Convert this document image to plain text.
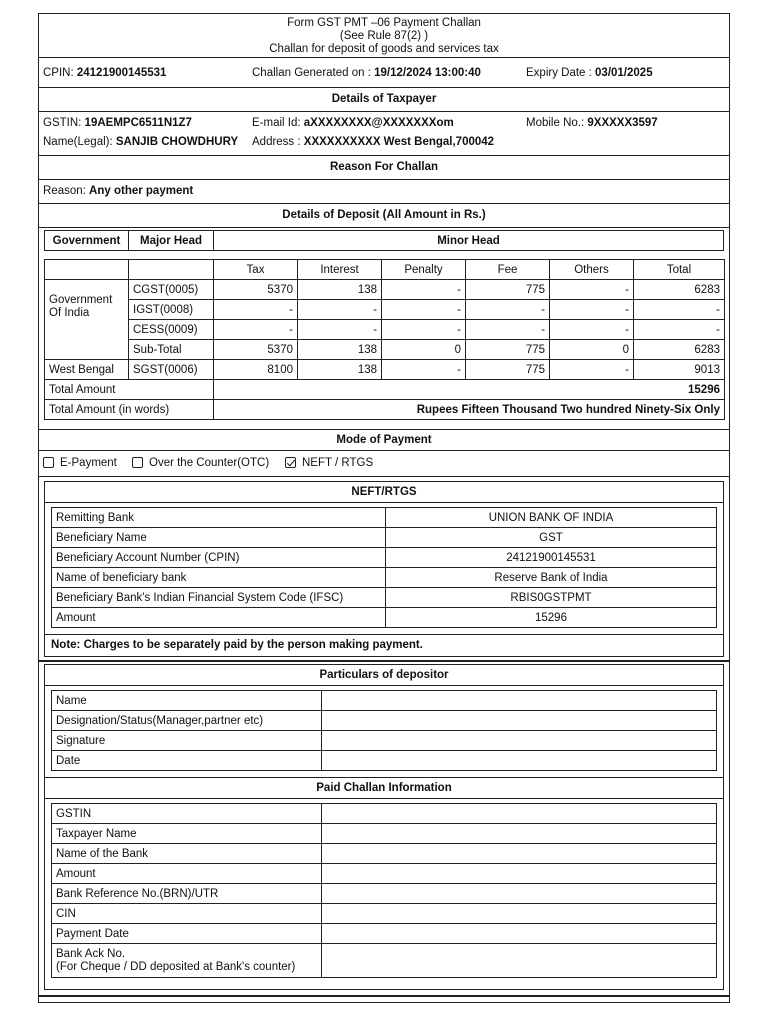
Form GST PMT –06 Payment Challan
(See Rule 87(2) )
Challan for deposit of goods and services tax
CPIN: 24121900145531	Challan Generated on : 19/12/2024 13:00:40	Expiry Date : 03/01/2025
Details of Taxpayer
GSTIN: 19AEMPC6511N1Z7	E-mail Id: aXXXXXXXX@XXXXXXXom	Mobile No.: 9XXXXX3597
Name(Legal): SANJIB CHOWDHURY Address : XXXXXXXXXX West Bengal,700042
Reason For Challan
Reason: Any other payment
Details of Deposit (All Amount in Rs.)
Government	Major Head	Minor Head
		Tax	Interest	Penalty	Fee	Others	Total
Government
Of India	CGST(0005)	5370	138	-	775	-	6283
	IGST(0008)	-	-	-	-	-	-
	CESS(0009)	-	-	-	-	-	-
	Sub-Total	5370	138	0	775	0	6283
West Bengal	SGST(0006)	8100	138	-	775	-	9013
Total Amount		15296					
Total Amount (in words)		Rupees Fifteen Thousand Two hundred Ninety-Six Only					
Mode of Payment
E-Payment	Over the Counter(OTC)	NEFT / RTGS
NEFT/RTGS
Remitting Bank	UNION BANK OF INDIA
Beneficiary Name	GST
Beneficiary Account Number (CPIN)	24121900145531
Name of beneficiary bank	Reserve Bank of India
Beneficiary Bank's Indian Financial System Code (IFSC)	RBIS0GSTPMT
Amount	15296
Note: Charges to be separately paid by the person making payment.
Particulars of depositor
Name	
Designation/Status(Manager,partner etc)	
Signature	
Date	
Paid Challan Information
GSTIN	
Taxpayer Name	
Name of the Bank	
Amount	
Bank Reference No.(BRN)/UTR	
CIN	
Payment Date	

Bank Ack No.
(For Cheque / DD deposited at Bank's counter)	
